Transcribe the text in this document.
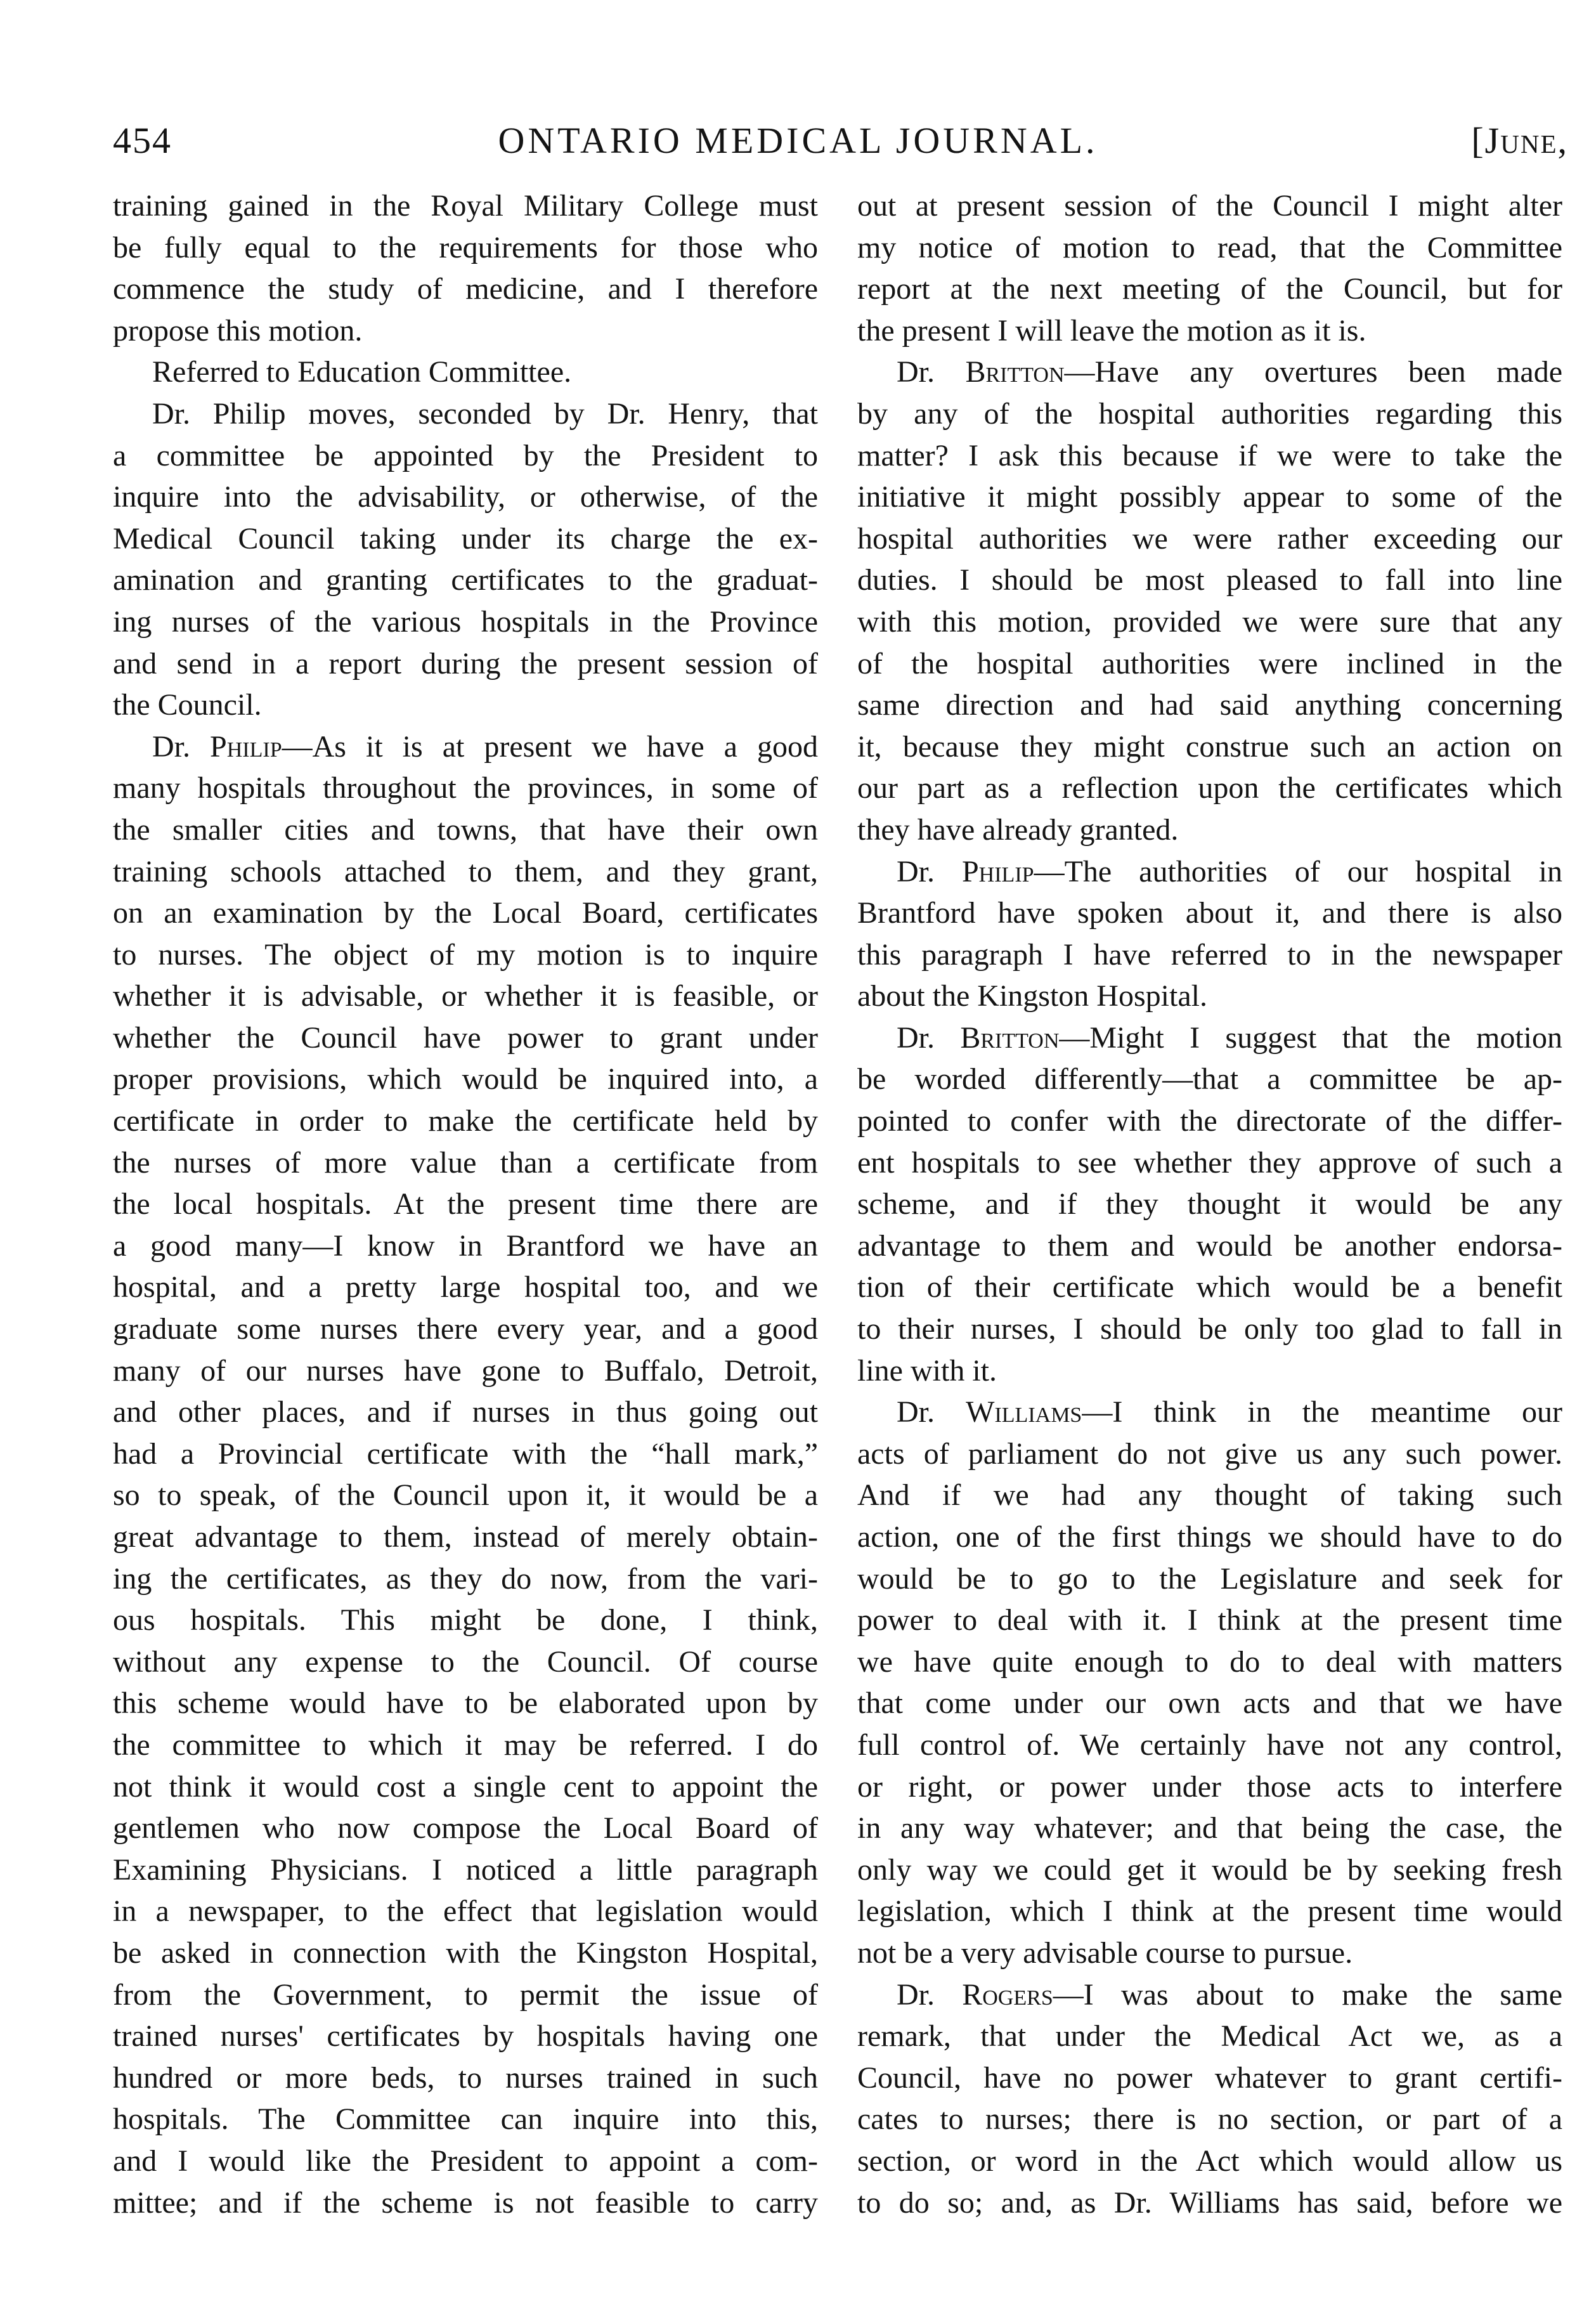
454	ONTARIO MEDICAL JOURNAL.	[June,
training gained in the Royal Military College must
be fully equal to the requirements for those who
commence the study of medicine, and I therefore
propose this motion.
Referred to Education Committee.
Dr. Philip moves, seconded by Dr. Henry, that
a committee be appointed by the President to
inquire into the advisability, or otherwise, of the
Medical Council taking under its charge the ex-
amination and granting certificates to the graduat-
ing nurses of the various hospitals in the Province
and send in a report during the present session of
the Council.
Dr. Philip—As it is at present we have a good
many hospitals throughout the provinces, in some of
the smaller cities and towns, that have their own
training schools attached to them, and they grant,
on an examination by the Local Board, certificates
to nurses. The object of my motion is to inquire
whether it is advisable, or whether it is feasible, or
whether the Council have power to grant under
proper provisions, which would be inquired into, a
certificate in order to make the certificate held by
the nurses of more value than a certificate from
the local hospitals. At the present time there are
a good many—I know in Brantford we have an
hospital, and a pretty large hospital too, and we
graduate some nurses there every year, and a good
many of our nurses have gone to Buffalo, Detroit,
and other places, and if nurses in thus going out
had a Provincial certificate with the “hall mark,”
so to speak, of the Council upon it, it would be a
great advantage to them, instead of merely obtain-
ing the certificates, as they do now, from the vari-
ous hospitals. This might be done, I think,
without any expense to the Council. Of course
this scheme would have to be elaborated upon by
the committee to which it may be referred. I do
not think it would cost a single cent to appoint the
gentlemen who now compose the Local Board of
Examining Physicians. I noticed a little paragraph
in a newspaper, to the effect that legislation would
be asked in connection with the Kingston Hospital,
from the Government, to permit the issue of
trained nurses' certificates by hospitals having one
hundred or more beds, to nurses trained in such
hospitals. The Committee can inquire into this,
and I would like the President to appoint a com-
mittee; and if the scheme is not feasible to carry
out at present session of the Council I might alter
my notice of motion to read, that the Committee
report at the next meeting of the Council, but for
the present I will leave the motion as it is.
Dr. Britton—Have any overtures been made
by any of the hospital authorities regarding this
matter? I ask this because if we were to take the
initiative it might possibly appear to some of the
hospital authorities we were rather exceeding our
duties. I should be most pleased to fall into line
with this motion, provided we were sure that any
of the hospital authorities were inclined in the
same direction and had said anything concerning
it, because they might construe such an action on
our part as a reflection upon the certificates which
they have already granted.
Dr. Philip—The authorities of our hospital in
Brantford have spoken about it, and there is also
this paragraph I have referred to in the newspaper
about the Kingston Hospital.
Dr. Britton—Might I suggest that the motion
be worded differently—that a committee be ap-
pointed to confer with the directorate of the differ-
ent hospitals to see whether they approve of such a
scheme, and if they thought it would be any
advantage to them and would be another endorsa-
tion of their certificate which would be a benefit
to their nurses, I should be only too glad to fall in
line with it.
Dr. Williams—I think in the meantime our
acts of parliament do not give us any such power.
And if we had any thought of taking such
action, one of the first things we should have to do
would be to go to the Legislature and seek for
power to deal with it. I think at the present time
we have quite enough to do to deal with matters
that come under our own acts and that we have
full control of. We certainly have not any control,
or right, or power under those acts to interfere
in any way whatever; and that being the case, the
only way we could get it would be by seeking fresh
legislation, which I think at the present time would
not be a very advisable course to pursue.
Dr. Rogers—I was about to make the same
remark, that under the Medical Act we, as a
Council, have no power whatever to grant certifi-
cates to nurses; there is no section, or part of a
section, or word in the Act which would allow us
to do so; and, as Dr. Williams has said, before we
